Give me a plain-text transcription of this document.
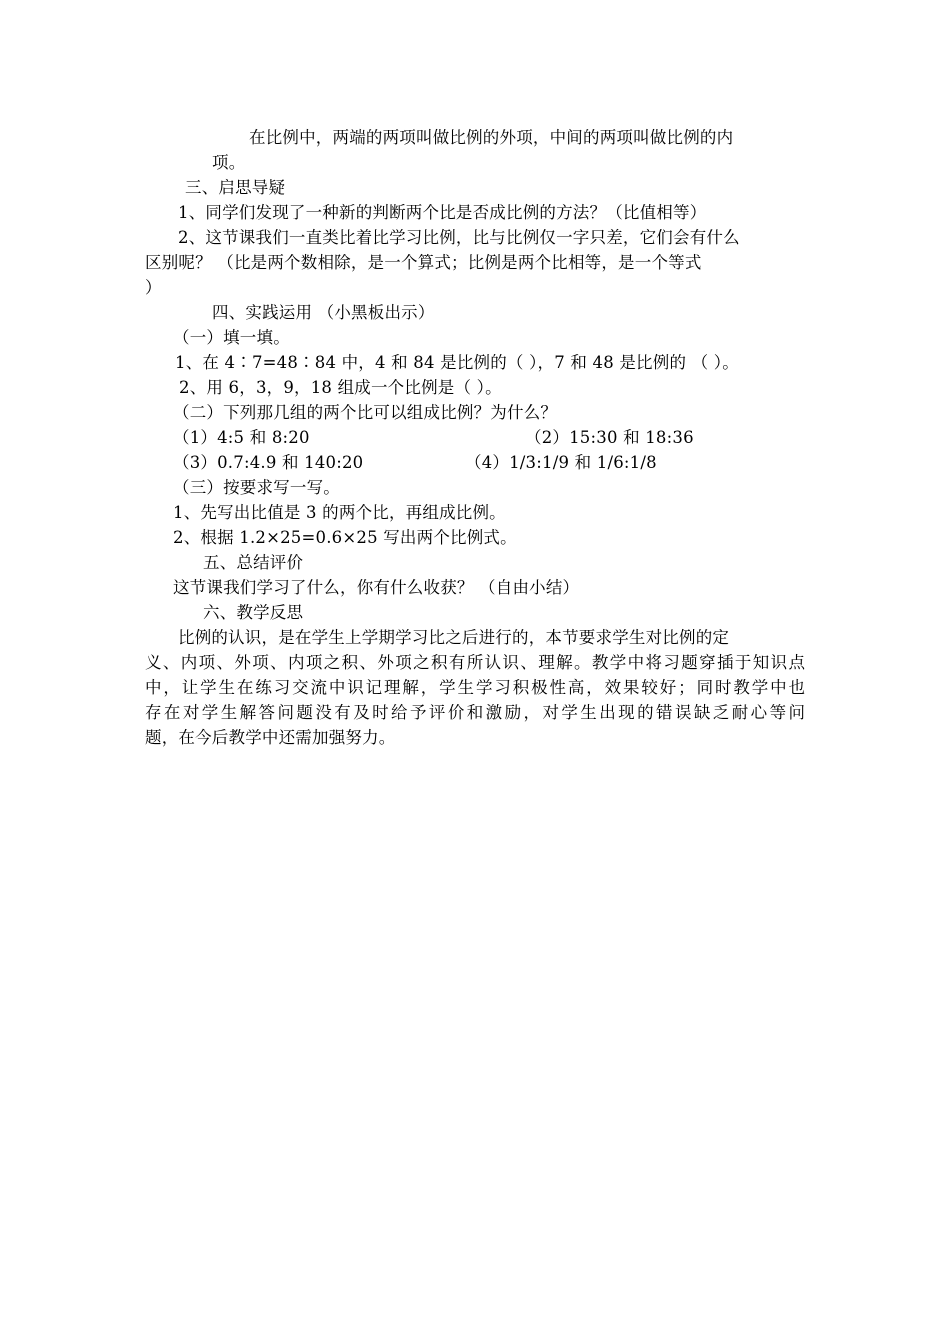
在比例中，两端的两项叫做比例的外项，中间的两项叫做比例的内
项。
三、启思导疑
1、同学们发现了一种新的判断两个比是否成比例的方法？（比值相等）
2、这节课我们一直类比着比学习比例，比与比例仅一字只差，它们会有什么
区别呢？ （比是两个数相除，是一个算式；比例是两个比相等，是一个等式
）
四、实践运用 （小黑板出示）
（一）填一填。
1、在 4∶7=48∶84 中，4 和 84 是比例的（ ），7 和 48 是比例的 （ ）。
2、用 6，3，9，18 组成一个比例是（ ）。
（二）下列那几组的两个比可以组成比例？为什么？
（1）4:5 和 8:20	（2）15:30 和 18:36
（3）0.7:4.9 和 140:20	（4）1/3:1/9 和 1/6:1/8
（三）按要求写一写。
1、先写出比值是 3 的两个比，再组成比例。
2、根据 1.2×25=0.6×25 写出两个比例式。
五、总结评价
这节课我们学习了什么，你有什么收获？ （自由小结）
六、教学反思
比例的认识，是在学生上学期学习比之后进行的，本节要求学生对比例的定
义、内项、外项、内项之积、外项之积有所认识、理解。教学中将习题穿插于知识点
中，让学生在练习交流中识记理解，学生学习积极性高，效果较好；同时教学中也
存在对学生解答问题没有及时给予评价和激励，对学生出现的错误缺乏耐心等问
题，在今后教学中还需加强努力。
